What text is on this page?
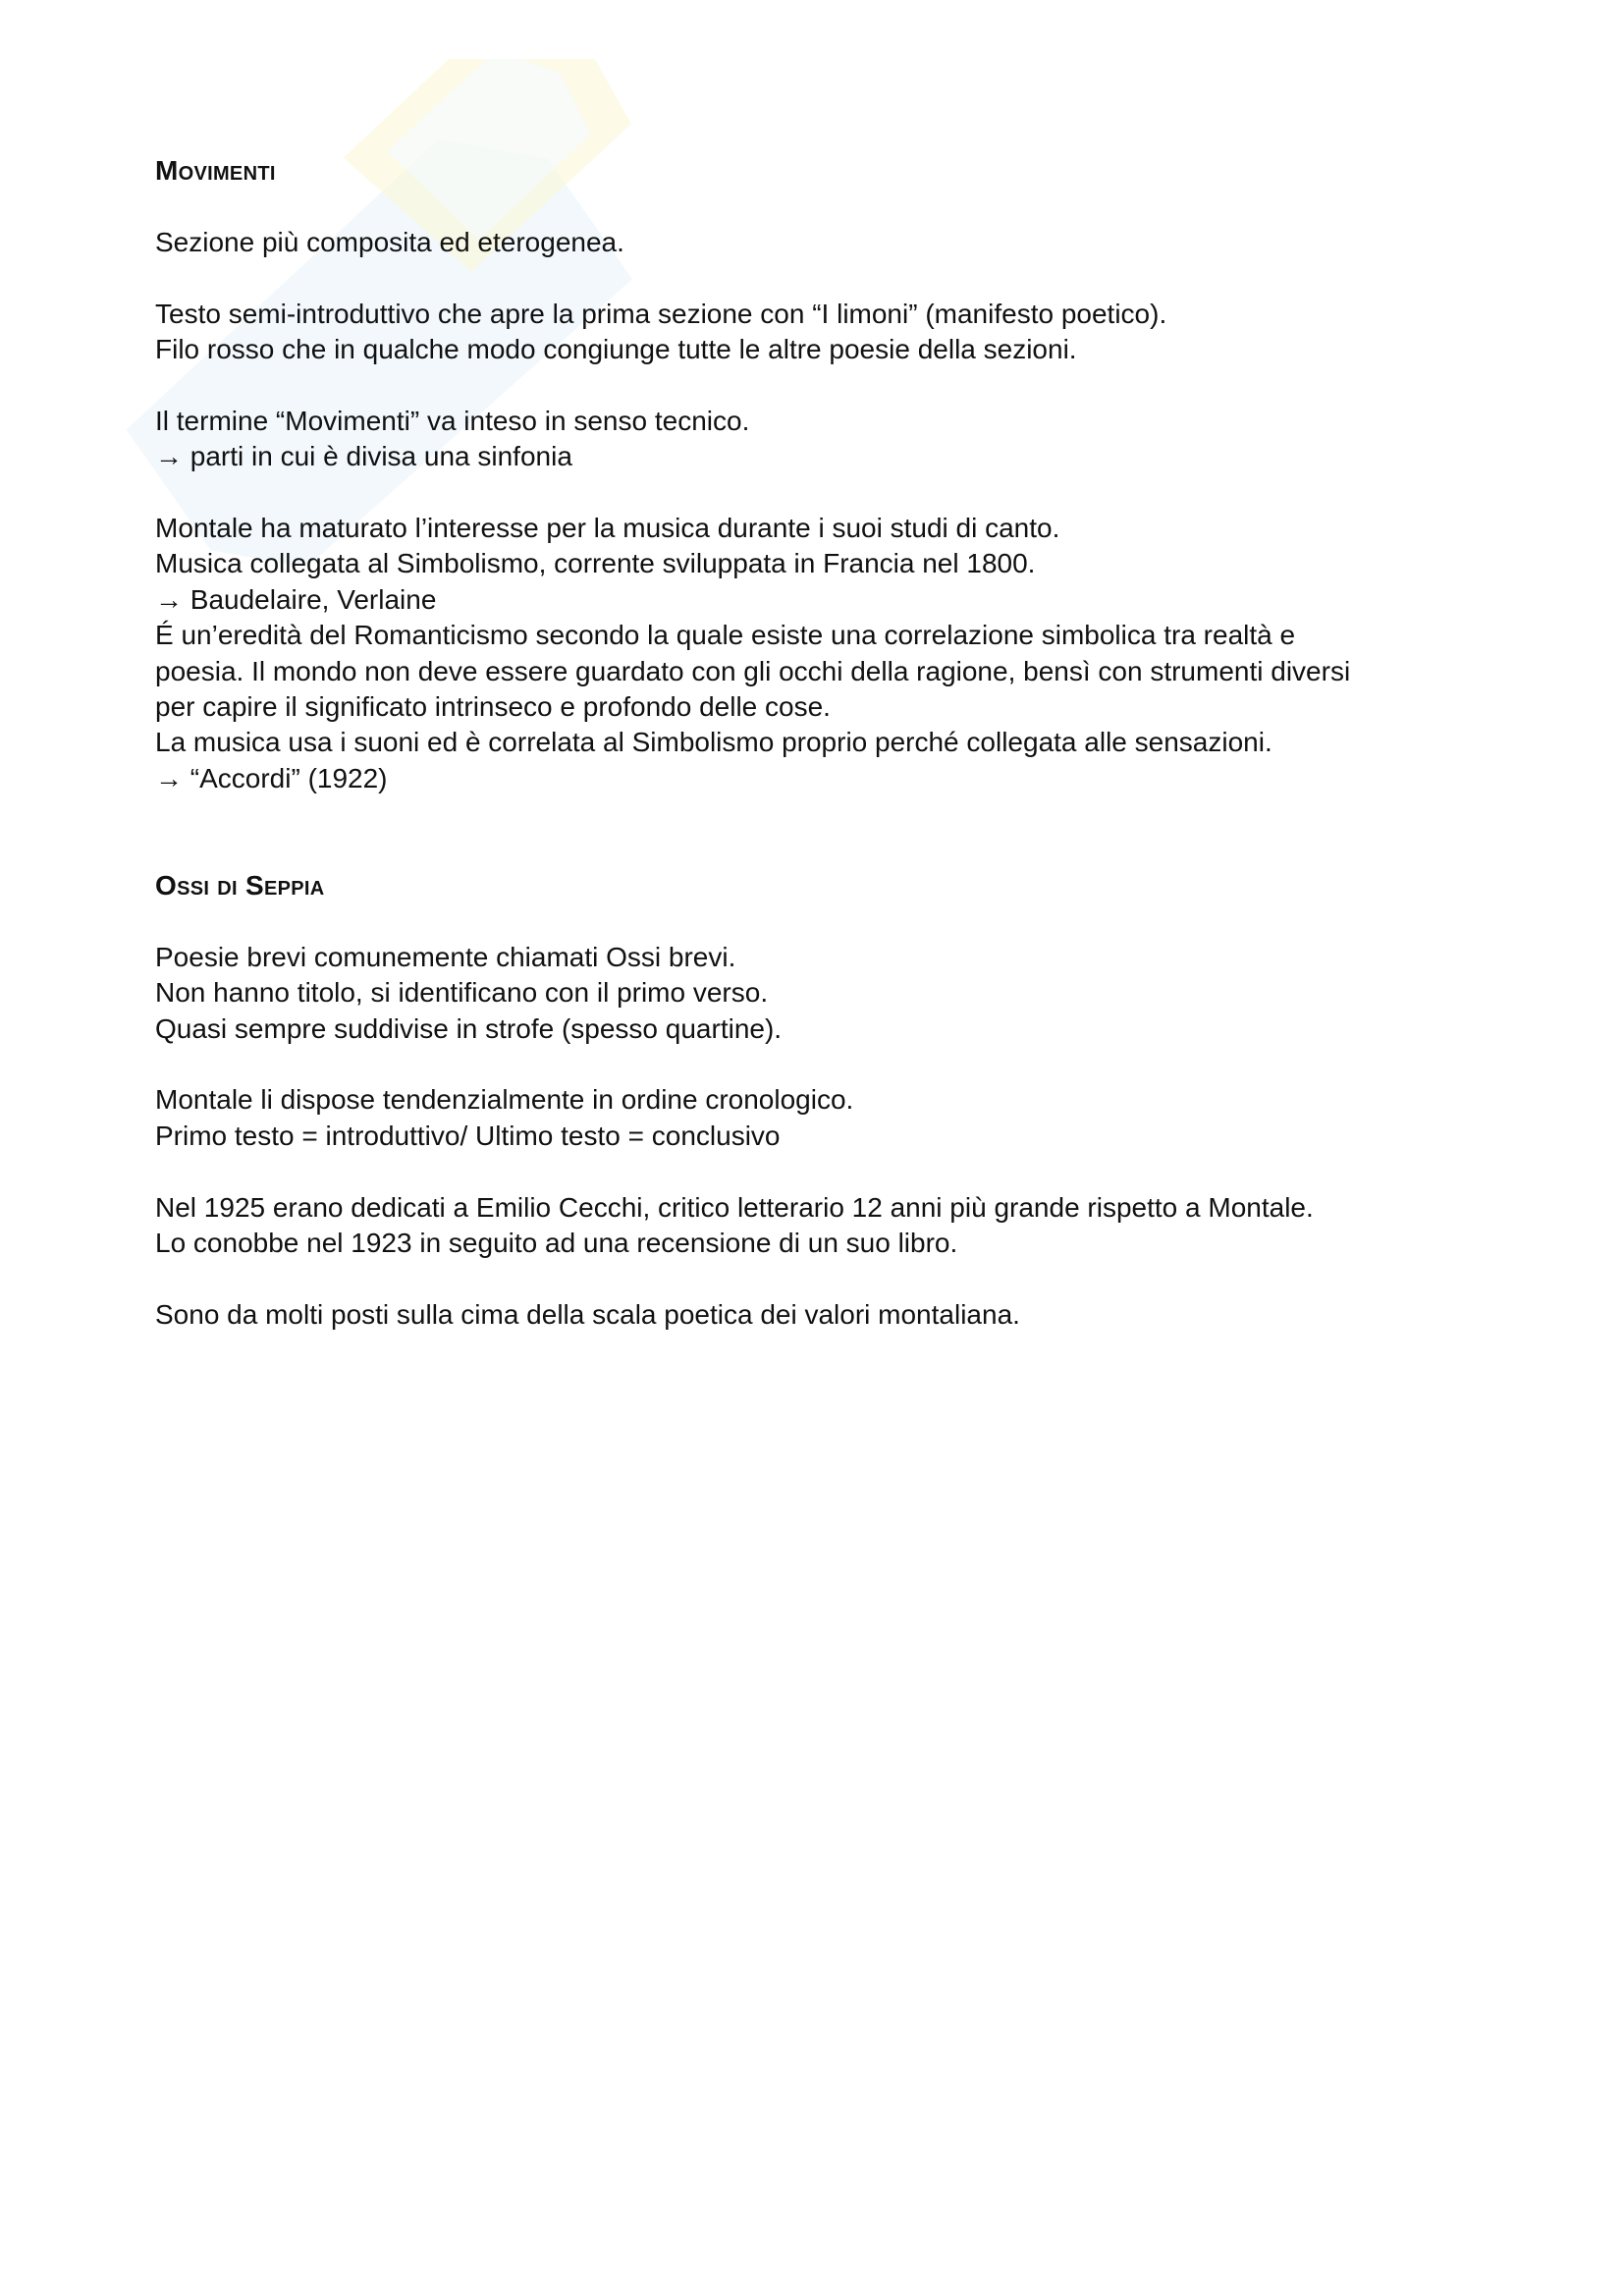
Movimenti
Sezione più composita ed eterogenea.
Testo semi-introduttivo che apre la prima sezione con “I limoni” (manifesto poetico).
Filo rosso che in qualche modo congiunge tutte le altre poesie della sezioni.
Il termine “Movimenti” va inteso in senso tecnico.
→ parti in cui è divisa una sinfonia
Montale ha maturato l’interesse per la musica durante i suoi studi di canto.
Musica collegata al Simbolismo, corrente sviluppata in Francia nel 1800.
→ Baudelaire, Verlaine
É un’eredità del Romanticismo secondo la quale esiste una correlazione simbolica tra realtà e
poesia. Il mondo non deve essere guardato con gli occhi della ragione, bensì con strumenti diversi
per capire il significato intrinseco e profondo delle cose.
La musica usa i suoni ed è correlata al Simbolismo proprio perché collegata alle sensazioni.
→ “Accordi” (1922)
Ossi di Seppia
Poesie brevi comunemente chiamati Ossi brevi.
Non hanno titolo, si identificano con il primo verso.
Quasi sempre suddivise in strofe (spesso quartine).
Montale li dispose tendenzialmente in ordine cronologico.
Primo testo = introduttivo/ Ultimo testo = conclusivo
Nel 1925 erano dedicati a Emilio Cecchi, critico letterario 12 anni più grande rispetto a Montale.
Lo conobbe nel 1923 in seguito ad una recensione di un suo libro.
Sono da molti posti sulla cima della scala poetica dei valori montaliana.
